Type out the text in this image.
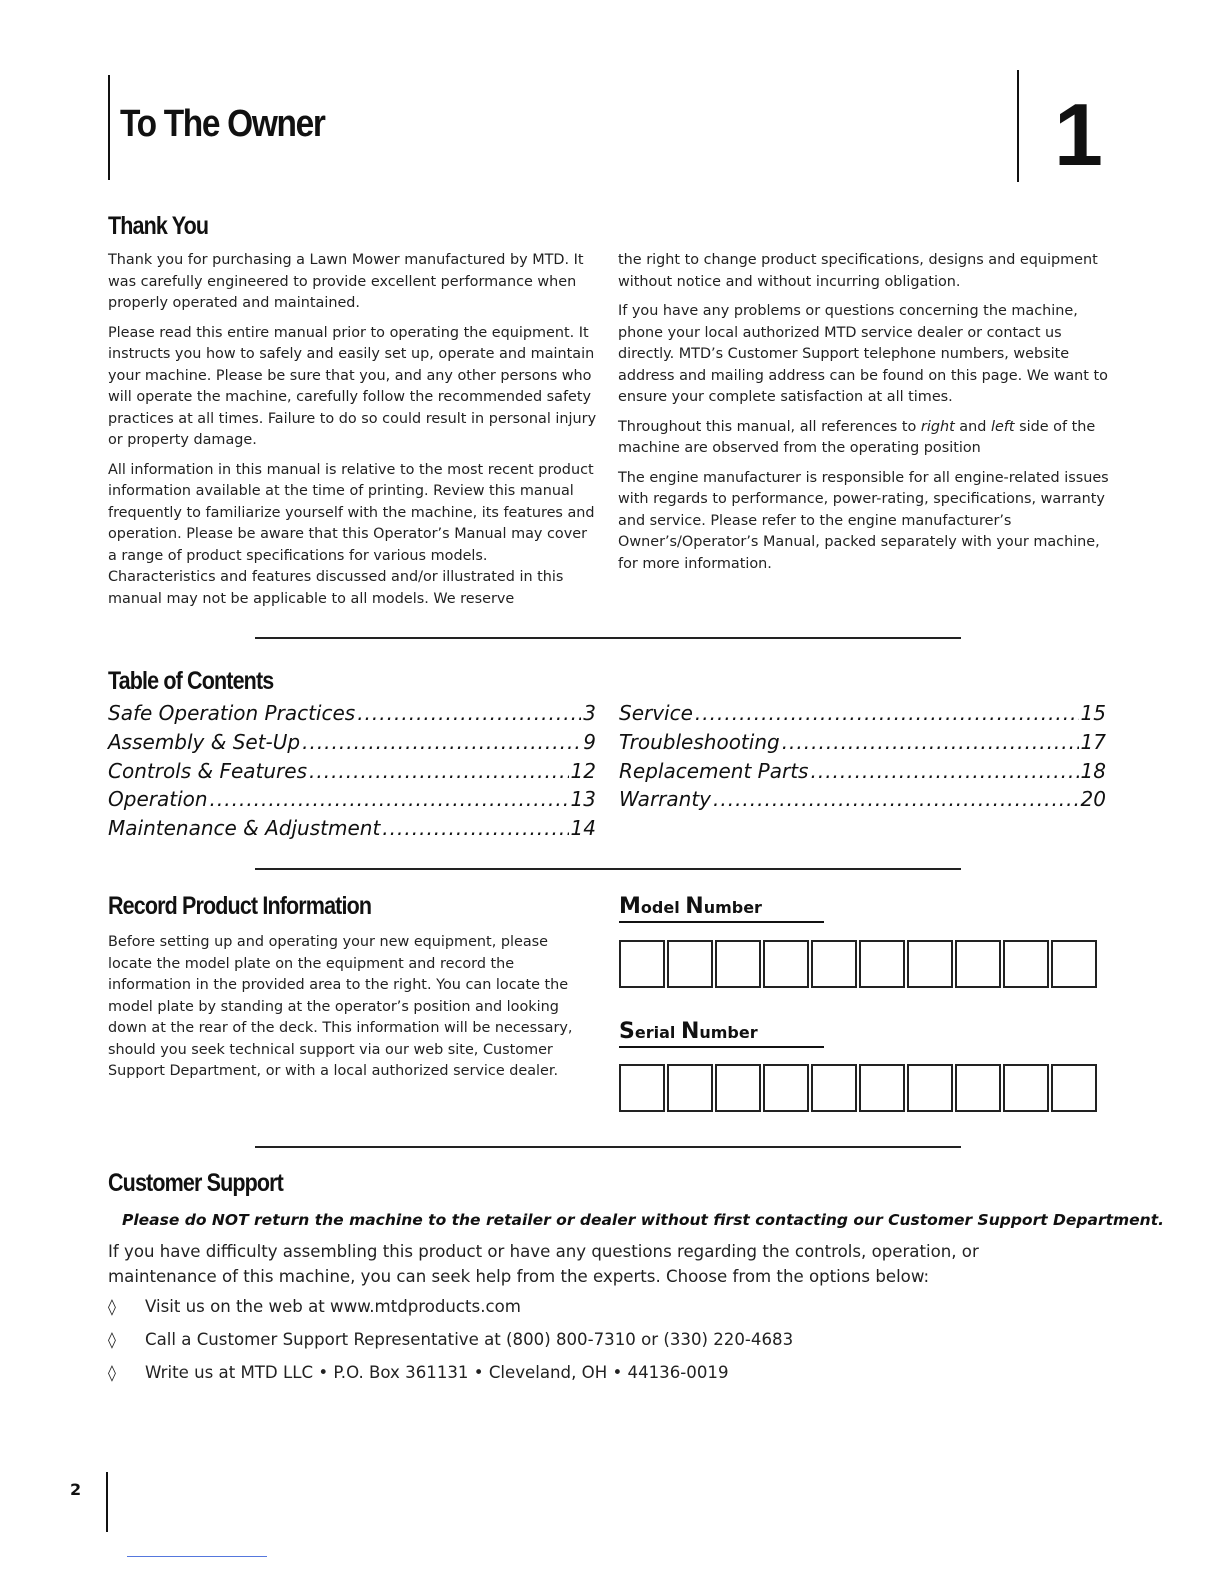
To The Owner	1
Thank You

Thank you for purchasing a Lawn Mower manufactured by MTD. It was carefully engineered to provide excellent performance when properly operated and maintained.

Please read this entire manual prior to operating the equipment. It instructs you how to safely and easily set up, operate and maintain your machine. Please be sure that you, and any other persons who will operate the machine, carefully follow the recommended safety practices at all times. Failure to do so could result in personal injury or property damage.

All information in this manual is relative to the most recent product information available at the time of printing. Review this manual frequently to familiarize yourself with the machine, its features and operation. Please be aware that this Operator’s Manual may cover a range of product specifications for various models. Characteristics and features discussed and/or illustrated in this manual may not be applicable to all models. We reserve

the right to change product specifications, designs and equipment without notice and without incurring obligation.

If you have any problems or questions concerning the machine, phone your local authorized MTD service dealer or contact us directly. MTD’s Customer Support telephone numbers, website address and mailing address can be found on this page. We want to ensure your complete satisfaction at all times.

Throughout this manual, all references to right and left side of the machine are observed from the operating position

The engine manufacturer is responsible for all engine-related issues with regards to performance, power-rating, specifications, warranty and service. Please refer to the engine manufacturer’s Owner’s/Operator’s Manual, packed separately with your machine, for more information.

Table of Contents
Safe Operation Practices .....	3
Assembly & Set-Up .....	9
Controls & Features .....	12
Operation .....	13
Maintenance & Adjustment .....	14
Service .....	15
Troubleshooting .....	17
Replacement Parts .....	18
Warranty .....	20
Record Product Information
Before setting up and operating your new equipment, please locate the model plate on the equipment and record the information in the provided area to the right. You can locate the model plate by standing at the operator’s position and looking down at the rear of the deck. This information will be necessary, should you seek technical support via our web site, Customer Support Department, or with a local authorized service dealer.
Model Number
Serial Number
Customer Support
Please do NOT return the machine to the retailer or dealer without first contacting our Customer Support Department.
If you have difficulty assembling this product or have any questions regarding the controls, operation, or maintenance of this machine, you can seek help from the experts. Choose from the options below:
◊	Visit us on the web at www.mtdproducts.com
◊	Call a Customer Support Representative at (800) 800-7310 or (330) 220-4683
◊	Write us at MTD LLC • P.O. Box 361131 • Cleveland, OH • 44136-0019
2
